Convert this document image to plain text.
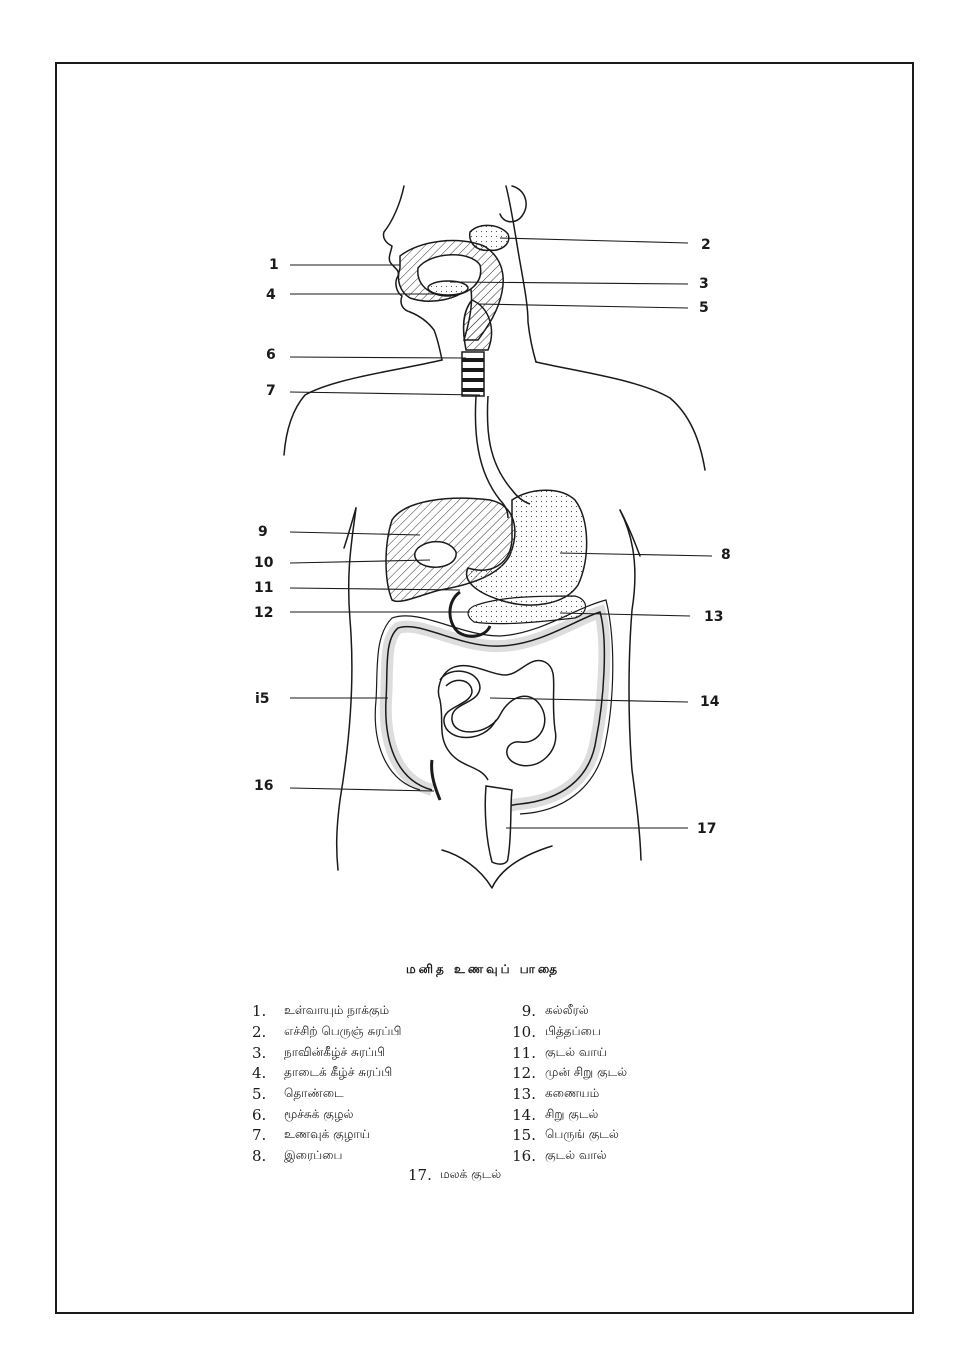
1
2
3
4
5
6
7
8
9
10
11
12	13
i5	14
16
17
மனித உணவுப் பாதை
1.	உள்வாயும் நாக்கும்
2.	எச்சிற் பெருஞ் சுரப்பி
3.	நாவின்கீழ்ச் சுரப்பி
4.	தாடைக் கீழ்ச் சுரப்பி
5.	தொண்டை
6.	மூச்சுக் குழல்
7.	உணவுக் குழாய்
8.	இரைப்பை
9. கல்லீரல்
10. பித்தப்பை
11. குடல் வாய்
12. முன் சிறு குடல்
13. கணையம்
14. சிறு குடல்
15. பெருங் குடல்
16. குடல் வால்
17. மலக் குடல்
